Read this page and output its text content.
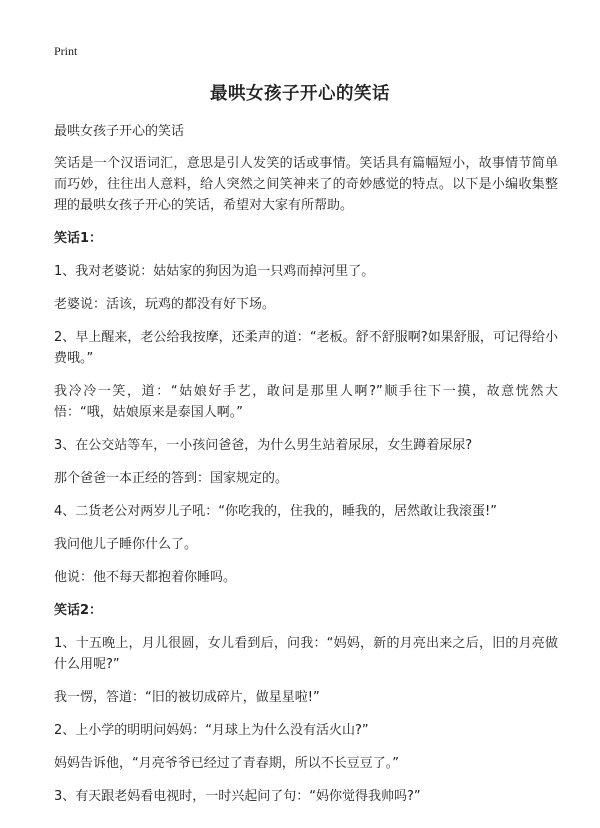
Print
最哄女孩子开心的笑话

最哄女孩子开心的笑话

笑话是一个汉语词汇，意思是引人发笑的话或事情。笑话具有篇幅短小，故事情节简单而巧妙，往往出人意料，给人突然之间笑神来了的奇妙感觉的特点。以下是小编收集整理的最哄女孩子开心的笑话，希望对大家有所帮助。

笑话1：

1、我对老婆说：姑姑家的狗因为追一只鸡而掉河里了。

老婆说：活该，玩鸡的都没有好下场。

2、早上醒来，老公给我按摩，还柔声的道：“老板。舒不舒服啊?如果舒服，可记得给小费哦。”

我冷冷一笑，道：“姑娘好手艺，敢问是那里人啊?”顺手往下一摸，故意恍然大悟：“哦，姑娘原来是泰国人啊。”

3、在公交站等车，一小孩问爸爸，为什么男生站着尿尿，女生蹲着尿尿?

那个爸爸一本正经的答到：国家规定的。

4、二货老公对两岁儿子吼：“你吃我的，住我的，睡我的，居然敢让我滚蛋!”

我问他儿子睡你什么了。

他说：他不每天都抱着你睡吗。

笑话2：

1、十五晚上，月儿很圆，女儿看到后，问我：“妈妈，新的月亮出来之后，旧的月亮做什么用呢?”

我一愣，答道：“旧的被切成碎片，做星星啦!”

2、上小学的明明问妈妈：“月球上为什么没有活火山?”

妈妈告诉他，“月亮爷爷已经过了青春期，所以不长豆豆了。”

3、有天跟老妈看电视时，一时兴起问了句：“妈你觉得我帅吗?”
